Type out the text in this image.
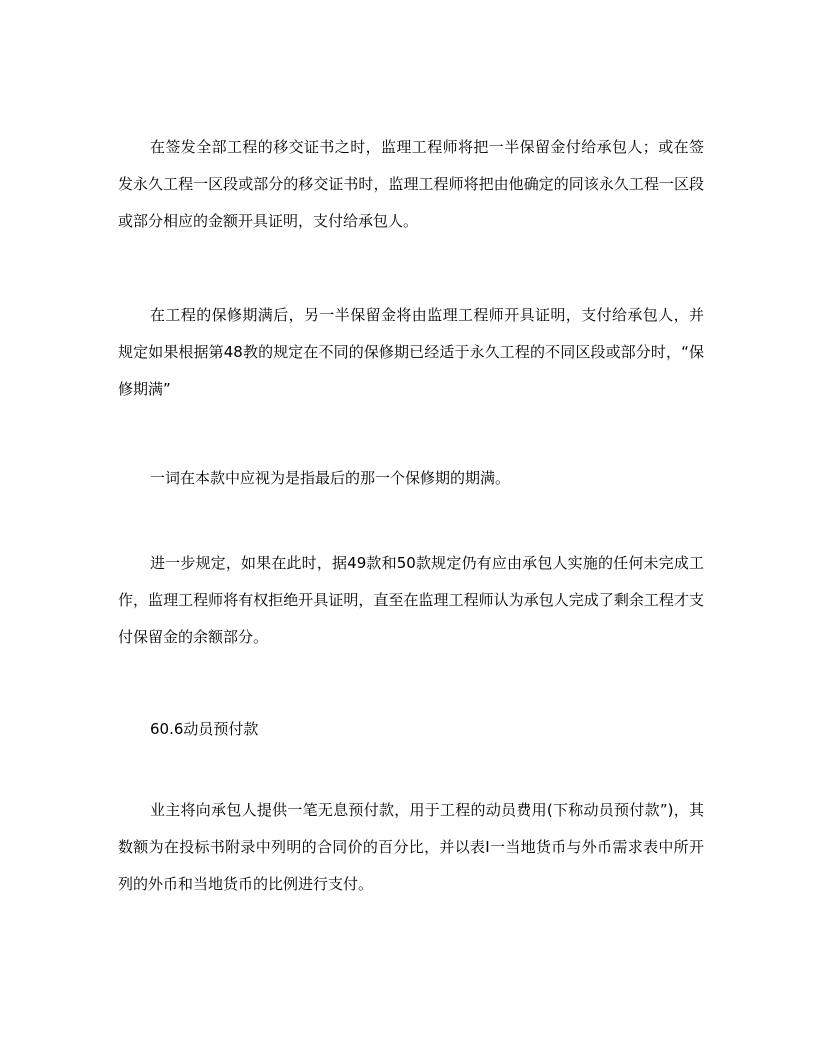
在签发全部工程的移交证书之时，监理工程师将把一半保留金付给承包人；或在签发永久工程一区段或部分的移交证书时，监理工程师将把由他确定的同该永久工程一区段或部分相应的金额开具证明，支付给承包人。

在工程的保修期满后，另一半保留金将由监理工程师开具证明，支付给承包人，并规定如果根据第48教的规定在不同的保修期已经适于永久工程的不同区段或部分时，“保修期满”

一词在本款中应视为是指最后的那一个保修期的期满。

进一步规定，如果在此时，据49款和50款规定仍有应由承包人实施的任何未完成工作，监理工程师将有权拒绝开具证明，直至在监理工程师认为承包人完成了剩余工程才支付保留金的余额部分。

60.6动员预付款

业主将向承包人提供一笔无息预付款，用于工程的动员费用(下称动员预付款”)，其数额为在投标书附录中列明的合同价的百分比，并以表I一当地货币与外币需求表中所开列的外币和当地货币的比例进行支付。
